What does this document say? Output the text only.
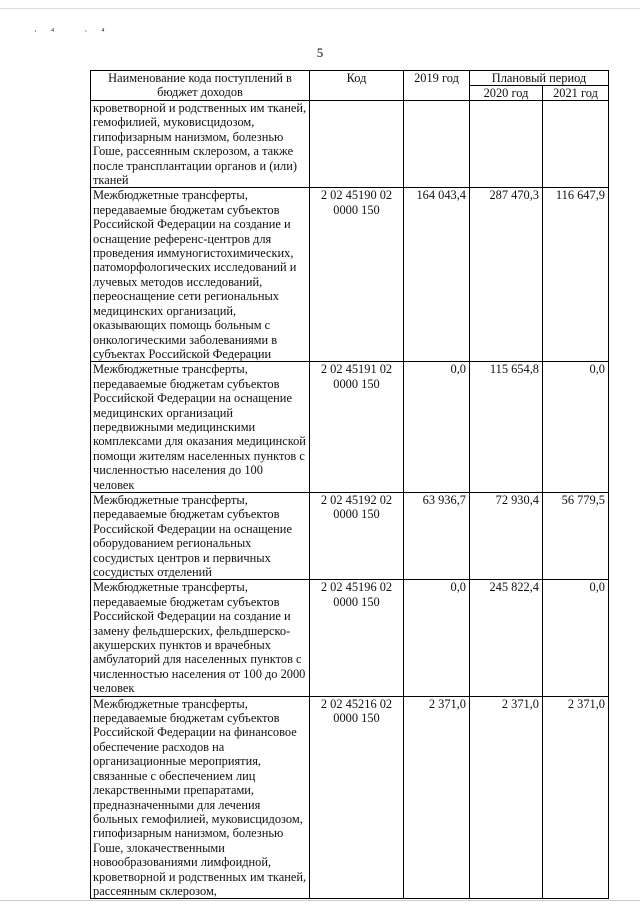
·⁴ ·⁴
5
Наименование кода поступлений в бюджет доходов	Код	2019 год	Плановый период	
			2020 год	2021 год
кроветворной и родственных им тканей, гемофилией, муковисцидозом, гипофизарным нанизмом, болезнью Гоше, рассеянным склерозом, а также после трансплантации органов и (или) тканей				
Межбюджетные трансферты, передаваемые бюджетам субъектов Российской Федерации на создание и оснащение референс-центров для проведения иммуногистохимических, патоморфологических исследований и лучевых методов исследований, переоснащение сети региональных медицинских организаций, оказывающих помощь больным с онкологическими заболеваниями в субъектах Российской Федерации	2 02 45190 02 0000 150	164 043,4	287 470,3	116 647,9
Межбюджетные трансферты, передаваемые бюджетам субъектов Российской Федерации на оснащение медицинских организаций передвижными медицинскими комплексами для оказания медицинской помощи жителям населенных пунктов с численностью населения до 100 человек	2 02 45191 02 0000 150	0,0	115 654,8	0,0
Межбюджетные трансферты, передаваемые бюджетам субъектов Российской Федерации на оснащение оборудованием региональных сосудистых центров и первичных сосудистых отделений	2 02 45192 02 0000 150	63 936,7	72 930,4	56 779,5
Межбюджетные трансферты, передаваемые бюджетам субъектов Российской Федерации на создание и замену фельдшерских, фельдшерско-акушерских пунктов и врачебных амбулаторий для населенных пунктов с численностью населения от 100 до 2000 человек	2 02 45196 02 0000 150	0,0	245 822,4	0,0
Межбюджетные трансферты, передаваемые бюджетам субъектов Российской Федерации на финансовое обеспечение расходов на организационные мероприятия, связанные с обеспечением лиц лекарственными препаратами, предназначенными для лечения больных гемофилией, муковисцидозом, гипофизарным нанизмом, болезнью Гоше, злокачественными новообразованиями лимфоидной, кроветворной и родственных им тканей, рассеянным склерозом,	2 02 45216 02 0000 150	2 371,0	2 371,0	2 371,0
